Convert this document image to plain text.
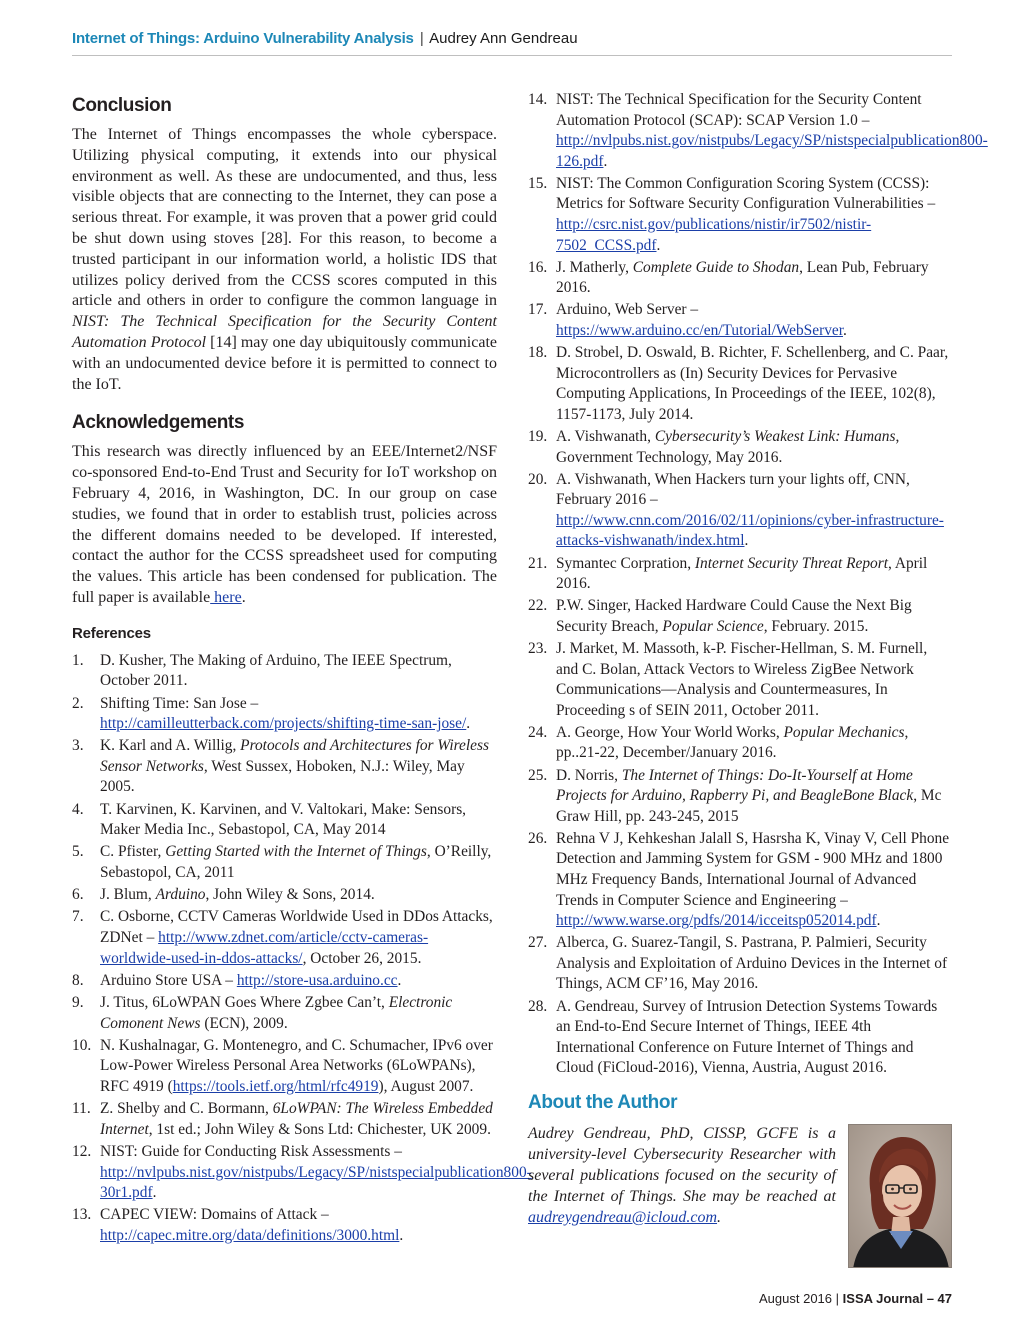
Internet of Things: Arduino Vulnerability Analysis | Audrey Ann Gendreau
Conclusion

The Internet of Things encompasses the whole cyberspace. Utilizing physical computing, it extends into our physical environment as well. As these are undocumented, and thus, less visible objects that are connecting to the Internet, they can pose a serious threat. For example, it was proven that a power grid could be shut down using stoves [28]. For this reason, to become a trusted participant in our information world, a holistic IDS that utilizes policy derived from the CCSS scores computed in this article and others in order to configure the common language in NIST: The Technical Specification for the Security Content Automation Protocol [14] may one day ubiquitously communicate with an undocumented device before it is permitted to connect to the IoT.

Acknowledgements

This research was directly influenced by an EEE/Internet2/NSF co-sponsored End-to-End Trust and Security for IoT workshop on February 4, 2016, in Washington, DC. In our group on case studies, we found that in order to establish trust, policies across the different domains needed to be developed. If interested, contact the author for the CCSS spreadsheet used for computing the values. This article has been condensed for publication. The full paper is available here.

References
1. D. Kusher, The Making of Arduino, The IEEE Spectrum, October 2011.
2. Shifting Time: San Jose – http://camilleutterback.com/projects/shifting-time-san-jose/.
3. K. Karl and A. Willig, Protocols and Architectures for Wireless Sensor Networks, West Sussex, Hoboken, N.J.: Wiley, May 2005.
4. T. Karvinen, K. Karvinen, and V. Valtokari, Make: Sensors, Maker Media Inc., Sebastopol, CA, May 2014
5. C. Pfister, Getting Started with the Internet of Things, O’Reilly, Sebastopol, CA, 2011
6. J. Blum, Arduino, John Wiley & Sons, 2014.
7. C. Osborne, CCTV Cameras Worldwide Used in DDos Attacks, ZDNet – http://www.zdnet.com/article/cctv-cameras-worldwide-used-in-ddos-attacks/, October 26, 2015.
8. Arduino Store USA – http://store-usa.arduino.cc.
9. J. Titus, 6LoWPAN Goes Where Zgbee Can’t, Electronic Comonent News (ECN), 2009.
10. N. Kushalnagar, G. Montenegro, and C. Schumacher, IPv6 over Low-Power Wireless Personal Area Networks (6LoWPANs), RFC 4919 (https://tools.ietf.org/html/rfc4919), August 2007.
11. Z. Shelby and C. Bormann, 6LoWPAN: The Wireless Embedded Internet, 1st ed.; John Wiley & Sons Ltd: Chichester, UK 2009.
12. NIST: Guide for Conducting Risk Assessments – http://nvlpubs.nist.gov/nistpubs/Legacy/SP/nistspecialpublication800-30r1.pdf.
13. CAPEC VIEW: Domains of Attack – http://capec.mitre.org/data/definitions/3000.html.
14. NIST: The Technical Specification for the Security Content Automation Protocol (SCAP): SCAP Version 1.0 – http://nvlpubs.nist.gov/nistpubs/Legacy/SP/nistspecialpublication800-126.pdf.
15. NIST: The Common Configuration Scoring System (CCSS): Metrics for Software Security Configuration Vulnerabilities –http://csrc.nist.gov/publications/nistir/ir7502/nistir-7502_CCSS.pdf.
16. J. Matherly, Complete Guide to Shodan, Lean Pub, February 2016.
17. Arduino, Web Server – https://www.arduino.cc/en/Tutorial/WebServer.
18. D. Strobel, D. Oswald, B. Richter, F. Schellenberg, and C. Paar, Microcontrollers as (In) Security Devices for Pervasive Computing Applications, In Proceedings of the IEEE, 102(8), 1157-1173, July 2014.
19. A. Vishwanath, Cybersecurity’s Weakest Link: Humans, Government Technology, May 2016.
20. A. Vishwanath, When Hackers turn your lights off, CNN, February 2016 – http://www.cnn.com/2016/02/11/opinions/cyber-infrastructure-attacks-vishwanath/index.html.
21. Symantec Corpration, Internet Security Threat Report, April 2016.
22. P.W. Singer, Hacked Hardware Could Cause the Next Big Security Breach, Popular Science, February. 2015.
23. J. Market, M. Massoth, k-P. Fischer-Hellman, S. M. Furnell, and C. Bolan, Attack Vectors to Wireless ZigBee Network Communications—Analysis and Countermeasures, In Proceeding s of SEIN 2011, October 2011.
24. A. George, How Your World Works, Popular Mechanics, pp..21-22, December/January 2016.
25. D. Norris, The Internet of Things: Do-It-Yourself at Home Projects for Arduino, Rapberry Pi, and BeagleBone Black, Mc Graw Hill, pp. 243-245, 2015
26. Rehna V J, Kehkeshan Jalall S, Hasrsha K, Vinay V, Cell Phone Detection and Jamming System for GSM - 900 MHz and 1800 MHz Frequency Bands, International Journal of Advanced Trends in Computer Science and Engineering – http://www.warse.org/pdfs/2014/icceitsp052014.pdf.
27. Alberca, G. Suarez-Tangil, S. Pastrana, P. Palmieri, Security Analysis and Exploitation of Arduino Devices in the Internet of Things, ACM CF’16, May 2016.
28. A. Gendreau, Survey of Intrusion Detection Systems Towards an End-to-End Secure Internet of Things, IEEE 4th International Conference on Future Internet of Things and Cloud (FiCloud-2016), Vienna, Austria, August 2016.
About the Author

Audrey Gendreau, PhD, CISSP, GCFE is a university-level Cybersecurity Researcher with several publications focused on the security of the Internet of Things. She may be reached at audreygendreau@icloud.com.

August 2016 | ISSA Journal – 47
